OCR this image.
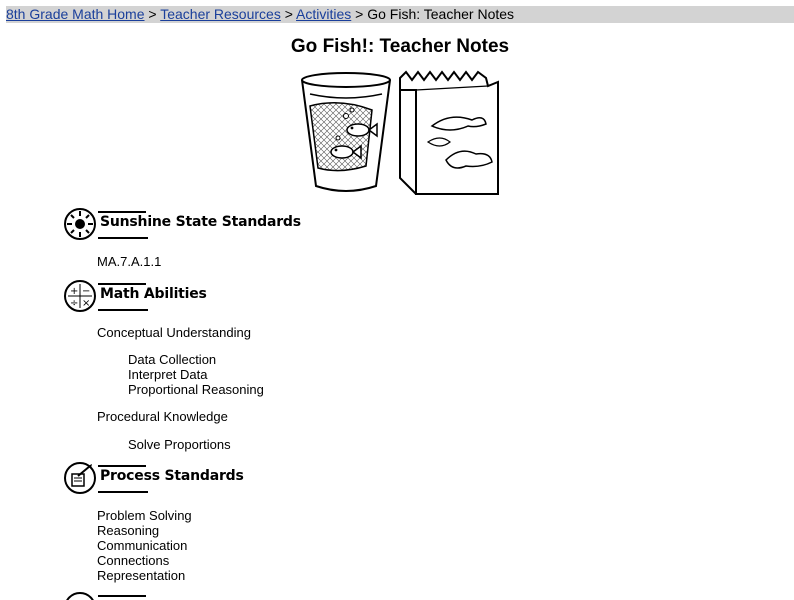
8th Grade Math Home > Teacher Resources > Activities > Go Fish: Teacher Notes
Go Fish!: Teacher Notes
Sunshine State Standards
MA.7.A.1.1
+ −
÷ ×
Math Abilities
Conceptual Understanding
Data Collection
Interpret Data
Proportional Reasoning
Procedural Knowledge
Solve Proportions
Process Standards
Problem Solving
Reasoning
Communication
Connections
Representation
